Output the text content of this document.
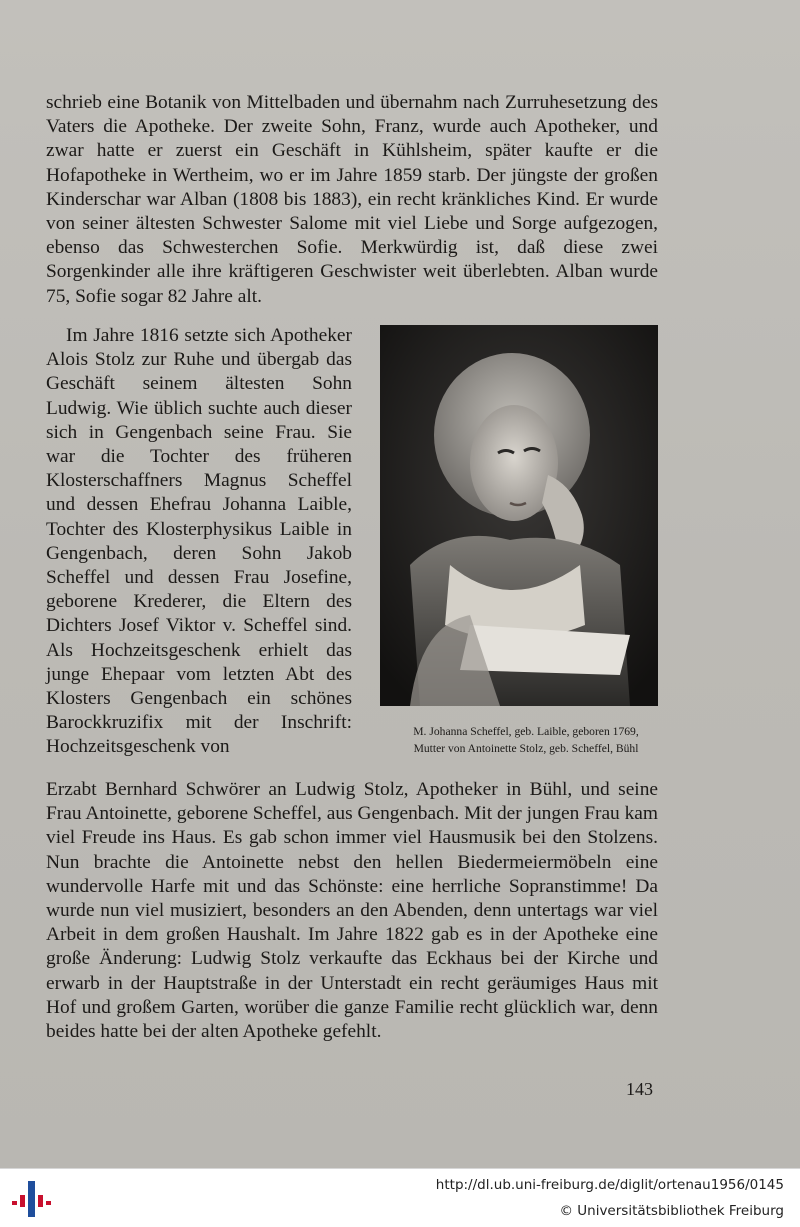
schrieb eine Botanik von Mittelbaden und übernahm nach Zurruhesetzung des Vaters die Apotheke. Der zweite Sohn, Franz, wurde auch Apotheker, und zwar hatte er zuerst ein Geschäft in Kühlsheim, später kaufte er die Hofapotheke in Wertheim, wo er im Jahre 1859 starb. Der jüngste der großen Kinderschar war Alban (1808 bis 1883), ein recht kränkliches Kind. Er wurde von seiner ältesten Schwester Salome mit viel Liebe und Sorge aufgezogen, ebenso das Schwesterchen Sofie. Merkwürdig ist, daß diese zwei Sorgenkinder alle ihre kräftigeren Geschwister weit überlebten. Alban wurde 75, Sofie sogar 82 Jahre alt.

Im Jahre 1816 setzte sich Apotheker Alois Stolz zur Ruhe und übergab das Geschäft seinem ältesten Sohn Ludwig. Wie üblich suchte auch dieser sich in Gengenbach seine Frau. Sie war die Tochter des früheren Klosterschaffners Magnus Scheffel und dessen Ehefrau Johanna Laible, Tochter des Klosterphysikus Laible in Gengenbach, deren Sohn Jakob Scheffel und dessen Frau Josefine, geborene Krederer, die Eltern des Dichters Josef Viktor v. Scheffel sind. Als Hochzeitsgeschenk erhielt das junge Ehepaar vom letzten Abt des Klosters Gengenbach ein schönes Barockkruzifix mit der Inschrift: Hochzeitsgeschenk von

M. Johanna Scheffel, geb. Laible, geboren 1769,
Mutter von Antoinette Stolz, geb. Scheffel, Bühl

Erzabt Bernhard Schwörer an Ludwig Stolz, Apotheker in Bühl, und seine Frau Antoinette, geborene Scheffel, aus Gengenbach. Mit der jungen Frau kam viel Freude ins Haus. Es gab schon immer viel Hausmusik bei den Stolzens. Nun brachte die Antoinette nebst den hellen Biedermeiermöbeln eine wundervolle Harfe mit und das Schönste: eine herrliche Sopranstimme! Da wurde nun viel musiziert, besonders an den Abenden, denn untertags war viel Arbeit in dem großen Haushalt. Im Jahre 1822 gab es in der Apotheke eine große Änderung: Ludwig Stolz verkaufte das Eckhaus bei der Kirche und erwarb in der Hauptstraße in der Unterstadt ein recht geräumiges Haus mit Hof und großem Garten, worüber die ganze Familie recht glücklich war, denn beides hatte bei der alten Apotheke gefehlt.

143
http://dl.ub.uni-freiburg.de/diglit/ortenau1956/0145
© Universitätsbibliothek Freiburg
